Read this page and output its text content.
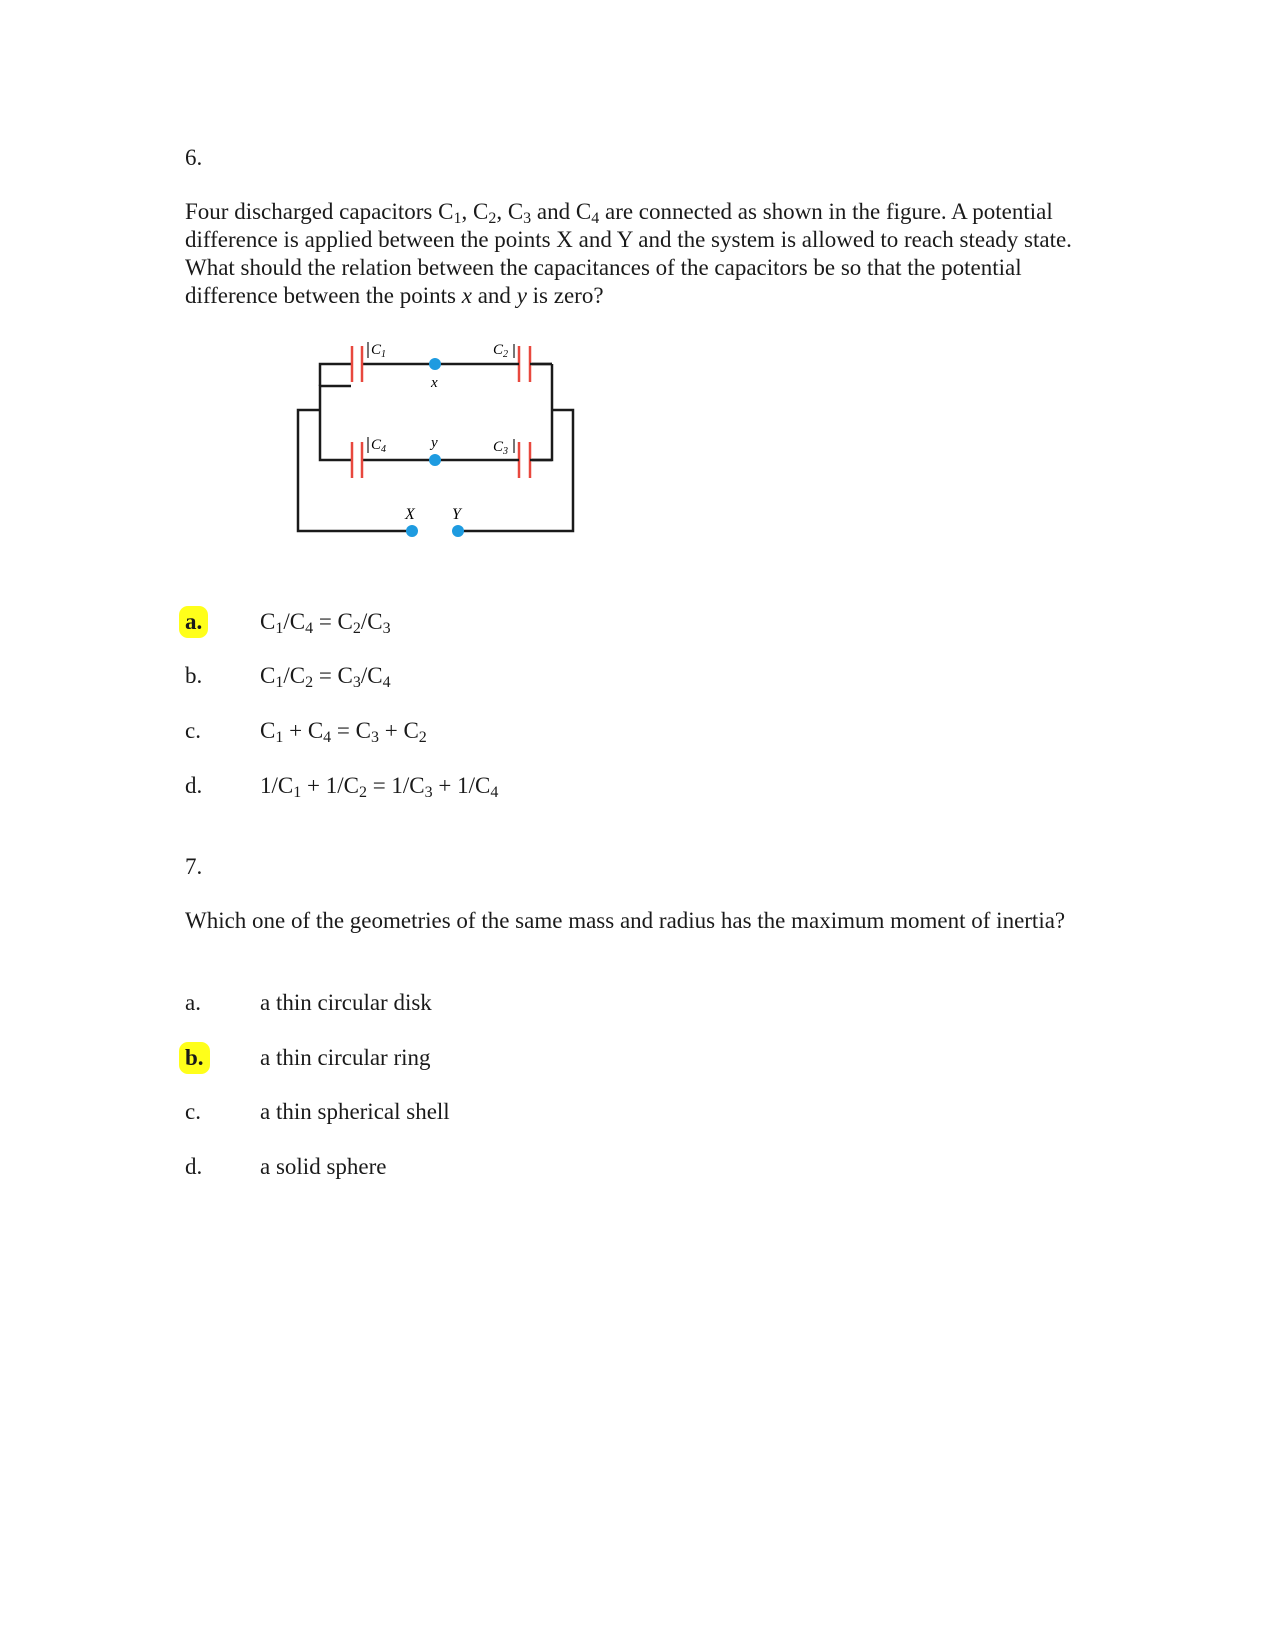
6.
Four discharged capacitors $C_1$, $C_2$, $C_3$ and $C_4$ are connected as shown in the figure. A potential difference is applied between the points X and Y and the system is allowed to reach steady state. What should the relation between the capacitances of the capacitors be so that the potential difference between the points x and y is zero?
$C_1$	$C_2$
$C_4$	$C_3$
x
y
X Y
a.	$C_1/C_4 = C_2/C_3$
b.	$C_1/C_2 = C_3/C_4$
c.	$C_1 + C_4 = C_3 + C_2$
d.	$1/C_1 + 1/C_2 = 1/C_3 + 1/C_4$
7.
Which one of the geometries of the same mass and radius has the maximum moment of inertia?
a.	a thin circular disk
b. a thin circular ring
c.	a thin spherical shell
d.	a solid sphere
